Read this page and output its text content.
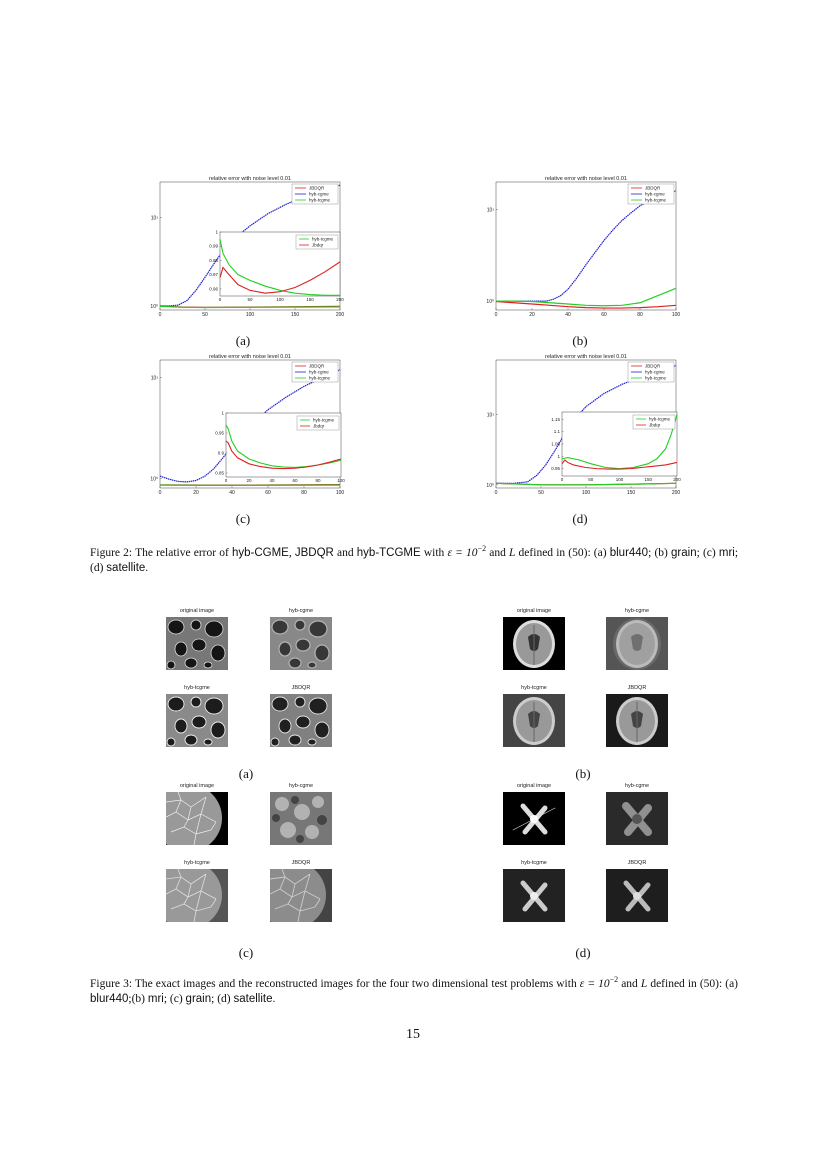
relative error with noise level 0.01
0	50	100	150	200
10⁰
10¹
JBDQR
hyb-cgme
hyb-tcgme
0	50	100	150	200
0.96
0.97
0.98
0.99
1
hyb-tcgme
Jbdqr
relative error with noise level 0.01
0	20	40	60	80	100
10⁰
10¹
JBDQR
hyb-cgme
hyb-tcgme
relative error with noise level 0.01
0	20	40	60	80	100
10⁰
10¹
JBDQR
hyb-cgme
hyb-tcgme
0	20	40	60	80	100
0.85
0.9
0.95
1
hyb-tcgme
Jbdqr
relative error with noise level 0.01
0	50	100	150	200
10⁰
10¹
JBDQR
hyb-cgme
hyb-tcgme
0	50	100	150	200
0.95
1
1.05
1.1
1.15	hyb-tcgme
Jbdqr
(a)	(b)
(c)	(d)
Figure 2: The relative error of hyb-CGME, JBDQR and hyb-TCGME with $\varepsilon = 10^{-2}$ and L defined in (50): (a) blur440; (b) grain; (c) mri; (d) satellite.
original image	hyb-cgme
hyb-tcgme	JBDQR
original image	hyb-cgme
hyb-tcgme	JBDQR
original image	hyb-cgme
hyb-tcgme	JBDQR
original image	hyb-cgme
hyb-tcgme	JBDQR
(a)	(b)
(c)	(d)
Figure 3: The exact images and the reconstructed images for the four two dimensional test problems with $\varepsilon = 10^{-2}$ and L defined in (50): (a) blur440;(b) mri; (c) grain; (d) satellite.
15
